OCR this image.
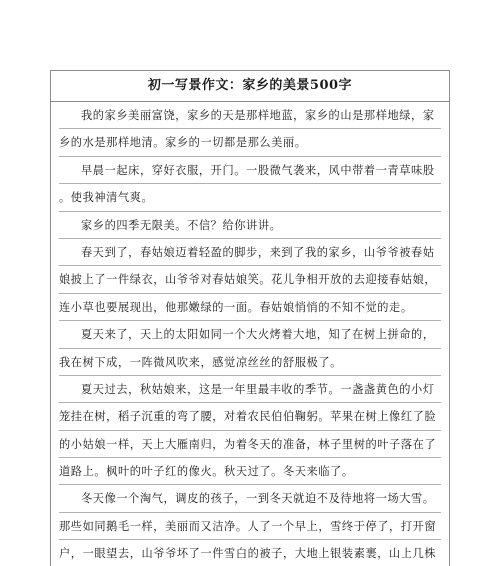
初一写景作文：家乡的美景500字
我的家乡美丽富饶，家乡的天是那样地蓝，家乡的山是那样地绿，家
乡的水是那样地清。家乡的一切都是那么美丽。
早晨一起床，穿好衣服，开门。一股微气袭来，风中带着一青草味股
。使我神清气爽。
家乡的四季无限美。不信？给你讲讲。
春天到了，春姑娘迈着轻盈的脚步，来到了我的家乡，山爷爷被春姑
娘披上了一件绿衣，山爷爷对春姑娘笑。花儿争相开放的去迎接春姑娘，
连小草也要展现出，他那嫩绿的一面。春姑娘悄悄的不知不觉的走。
夏天来了，天上的太阳如同一个大火烤着大地，知了在树上拼命的，
我在树下成，一阵微风吹来，感觉凉丝丝的舒服极了。
夏天过去，秋姑娘来，这是一年里最丰收的季节。一盏盏黄色的小灯
笼挂在树，稻子沉重的弯了腰，对着农民伯伯鞠躬。苹果在树上像红了脸
的小姑娘一样，天上大雁南归，为着冬天的准备，林子里树的叶子落在了
道路上。枫叶的叶子红的像火。秋天过了。冬天来临了。
冬天像一个淘气，调皮的孩子，一到冬天就迫不及待地将一场大雪。
那些如同鹅毛一样，美丽而又洁净。人了一个早上，雪终于停了，打开窗
户，一眼望去，山爷爷坏了一件雪白的被子，大地上银装素裹，山上几株
